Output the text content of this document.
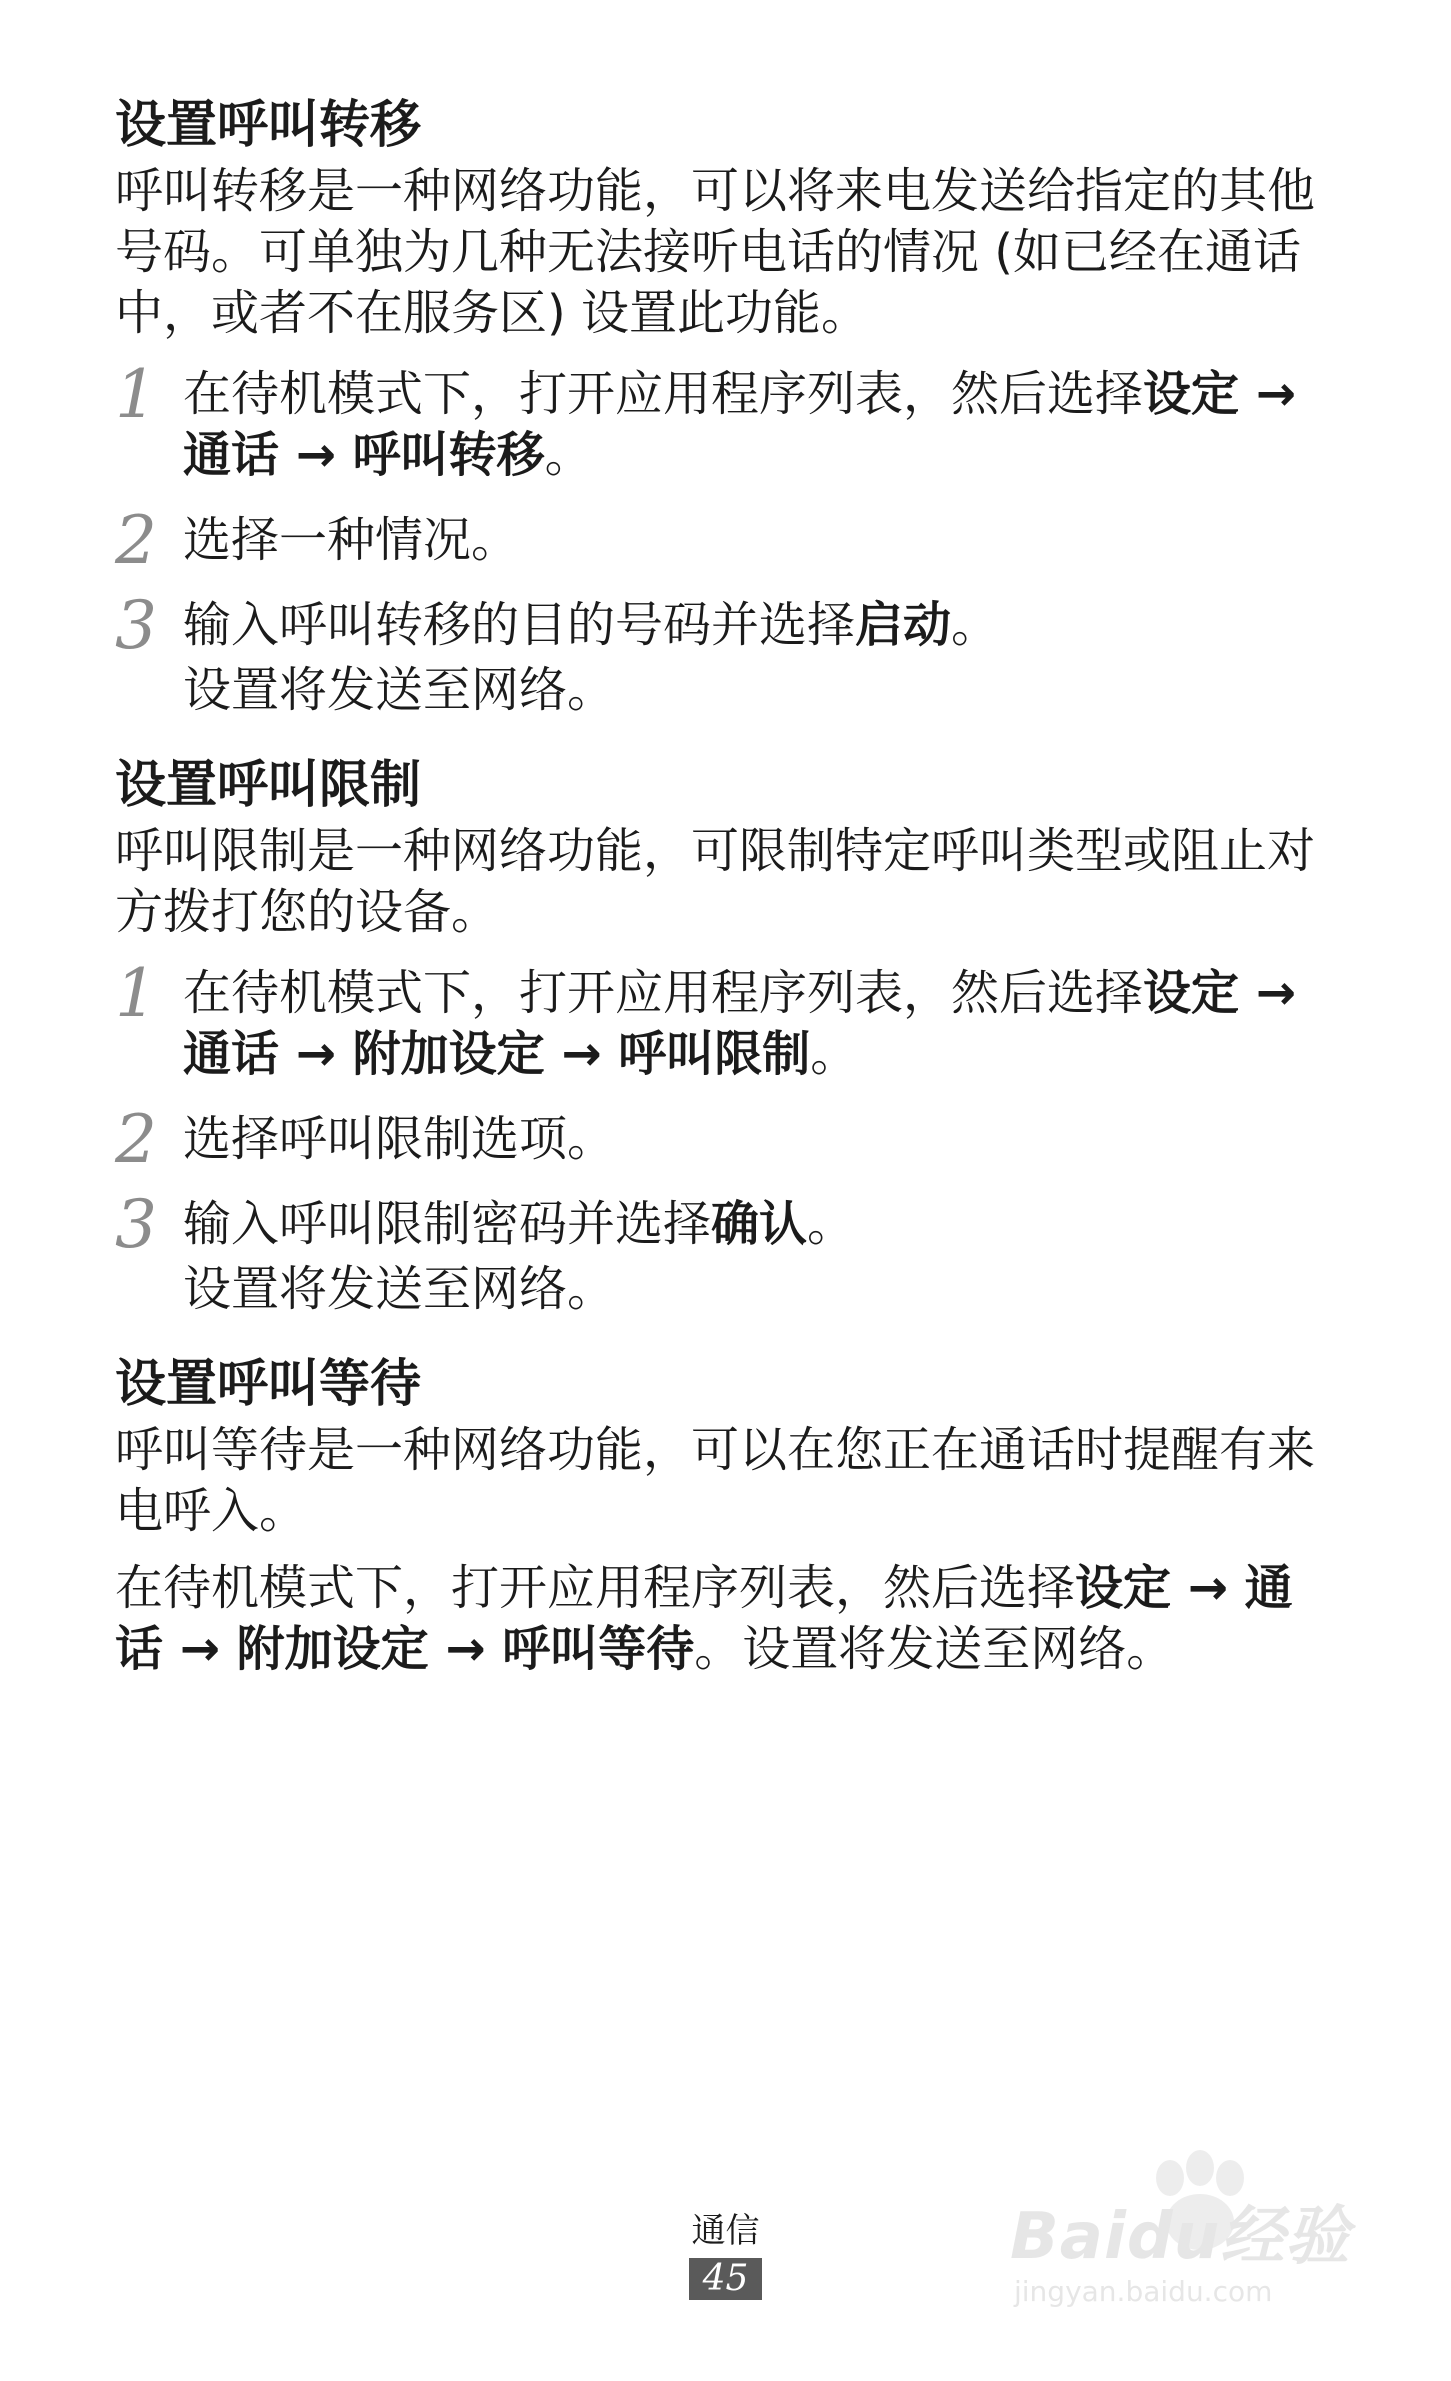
设置呼叫转移

呼叫转移是一种网络功能，可以将来电发送给指定的其他号码。可单独为几种无法接听电话的情况 (如已经在通话中，或者不在服务区) 设置此功能。

1 在待机模式下，打开应用程序列表，然后选择设定 → 通话 → 呼叫转移。

2 选择一种情况。

3 输入呼叫转移的目的号码并选择启动。

设置将发送至网络。

设置呼叫限制

呼叫限制是一种网络功能，可限制特定呼叫类型或阻止对方拨打您的设备。

1 在待机模式下，打开应用程序列表，然后选择设定 → 通话 → 附加设定 → 呼叫限制。

2 选择呼叫限制选项。

3 输入呼叫限制密码并选择确认。

设置将发送至网络。

设置呼叫等待

呼叫等待是一种网络功能，可以在您正在通话时提醒有来电呼入。

在待机模式下，打开应用程序列表，然后选择设定 → 通话 → 附加设定 → 呼叫等待。设置将发送至网络。

通信
45
Baidu经验
jingyan.baidu.com
